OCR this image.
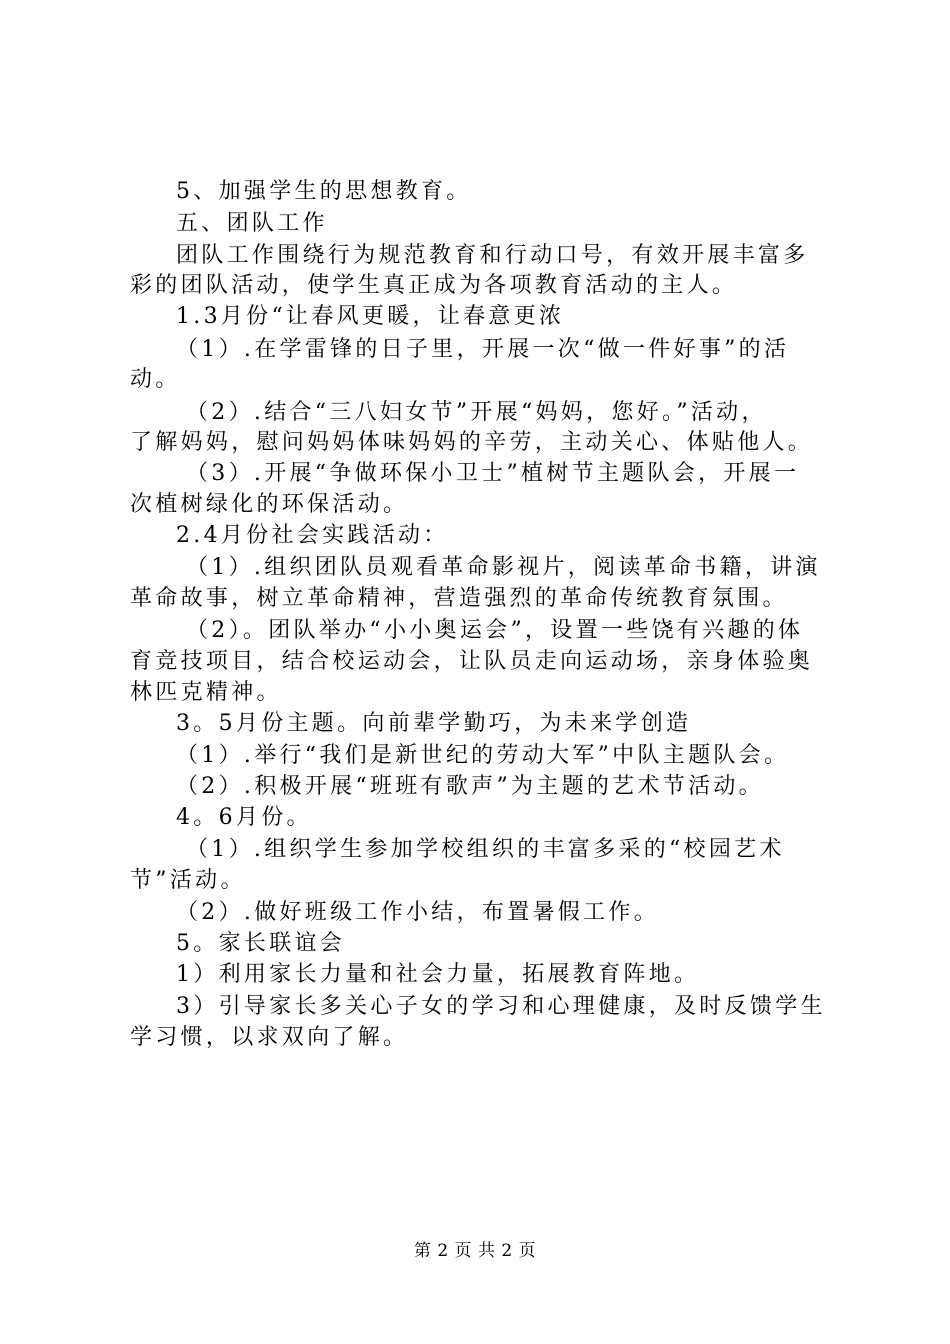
5、加强学生的思想教育。
五、团队工作
团队工作围绕行为规范教育和行动口号，有效开展丰富多
彩的团队活动，使学生真正成为各项教育活动的主人。
1.3月份“让春风更暖，让春意更浓
（1）.在学雷锋的日子里，开展一次“做一件好事”的活
动。
（2）.结合“三八妇女节”开展“妈妈，您好。”活动，
了解妈妈，慰问妈妈体味妈妈的辛劳，主动关心、体贴他人。
（3）.开展“争做环保小卫士”植树节主题队会，开展一
次植树绿化的环保活动。
2.4月份社会实践活动：
（1）.组织团队员观看革命影视片，阅读革命书籍，讲演
革命故事，树立革命精神，营造强烈的革命传统教育氛围。
（2）。团队举办“小小奥运会”，设置一些饶有兴趣的体
育竞技项目，结合校运动会，让队员走向运动场，亲身体验奥
林匹克精神。
3。5月份主题。向前辈学勤巧，为未来学创造
（1）.举行“我们是新世纪的劳动大军”中队主题队会。
（2）.积极开展“班班有歌声”为主题的艺术节活动。
4。6月份。
（1）.组织学生参加学校组织的丰富多采的“校园艺术
节”活动。
（2）.做好班级工作小结，布置暑假工作。
5。家长联谊会
1）利用家长力量和社会力量，拓展教育阵地。
3）引导家长多关心子女的学习和心理健康，及时反馈学生
学习惯，以求双向了解。
第 2 页 共 2 页
